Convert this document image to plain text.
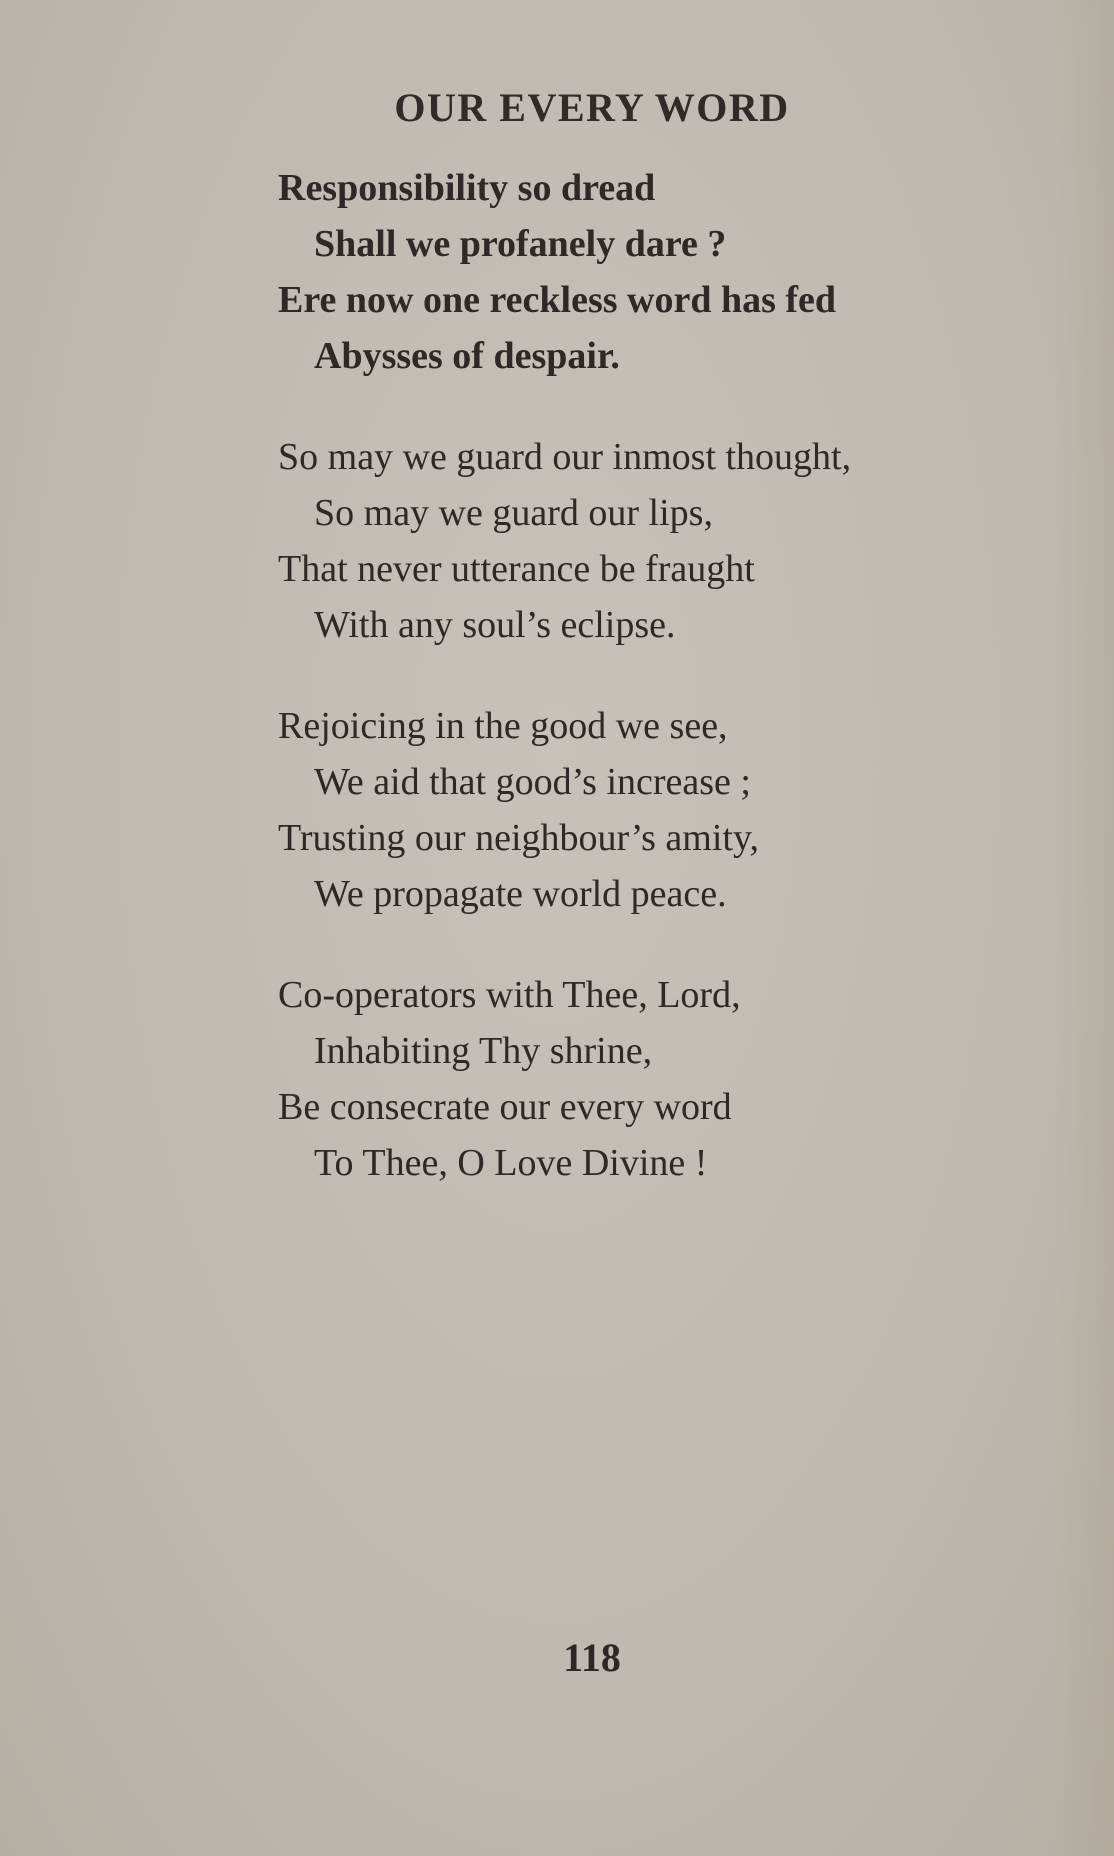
OUR EVERY WORD
Responsibility so dread
Shall we profanely dare ?
Ere now one reckless word has fed
Abysses of despair.
So may we guard our inmost thought,
So may we guard our lips,
That never utterance be fraught
With any soul’s eclipse.
Rejoicing in the good we see,
We aid that good’s increase ;
Trusting our neighbour’s amity,
We propagate world peace.
Co-operators with Thee, Lord,
Inhabiting Thy shrine,
Be consecrate our every word
To Thee, O Love Divine !
118
